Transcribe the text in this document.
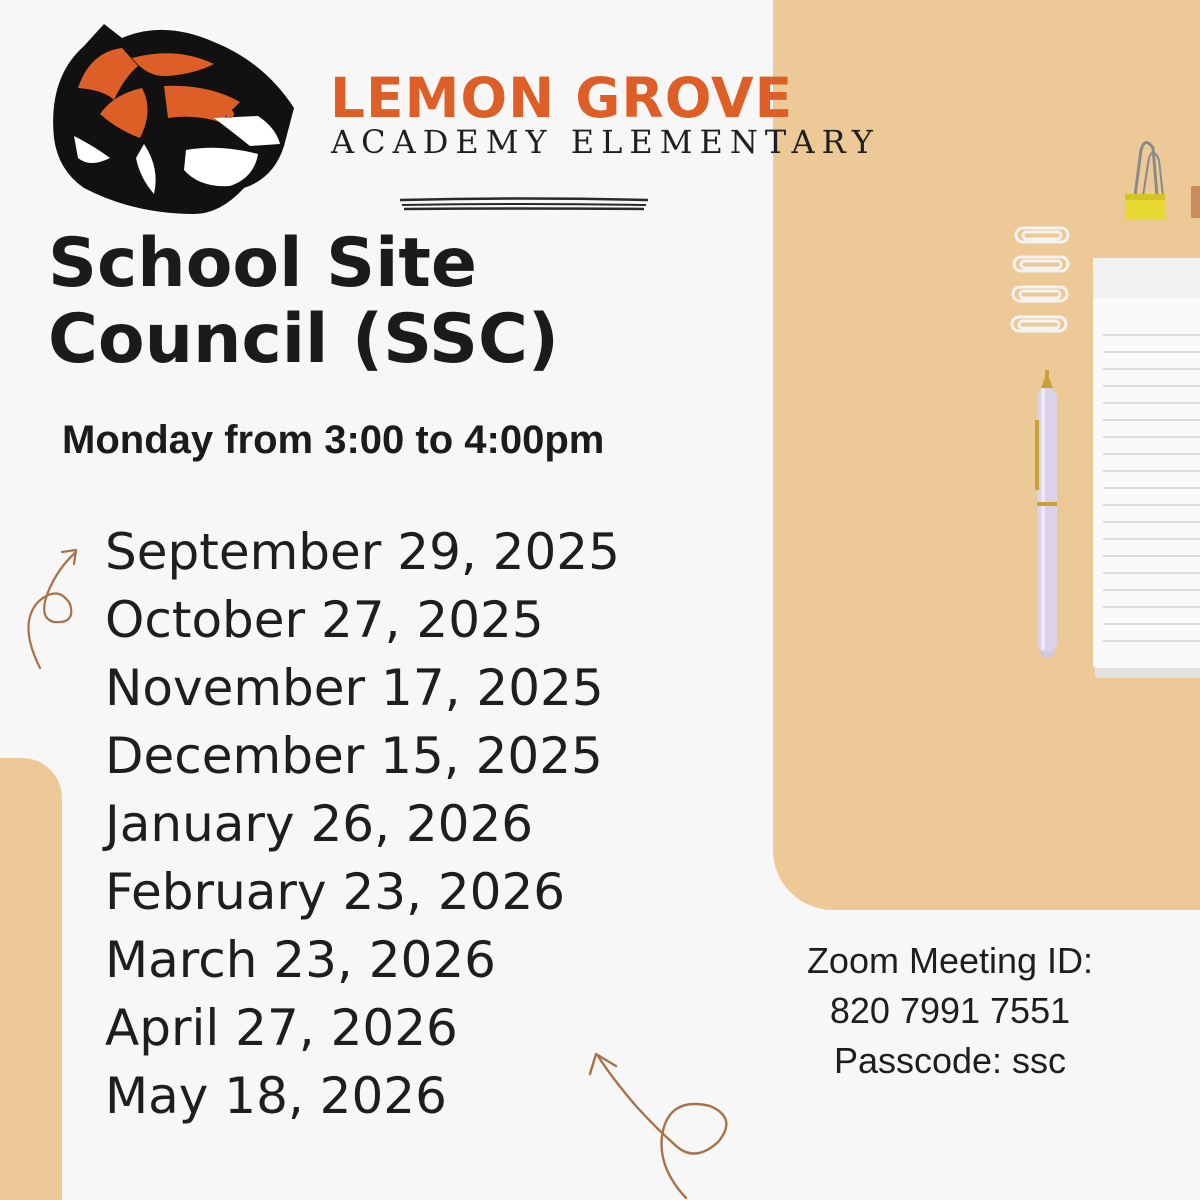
LEMON GROVE
ACADEMY ELEMENTARY
School Site Council (SSC)
Monday from 3:00 to 4:00pm
September 29, 2025
October 27, 2025
November 17, 2025
December 15, 2025
January 26, 2026
February 23, 2026
March 23, 2026
April 27, 2026
May 18, 2026
Zoom Meeting ID:
820 7991 7551
Passcode: ssc
